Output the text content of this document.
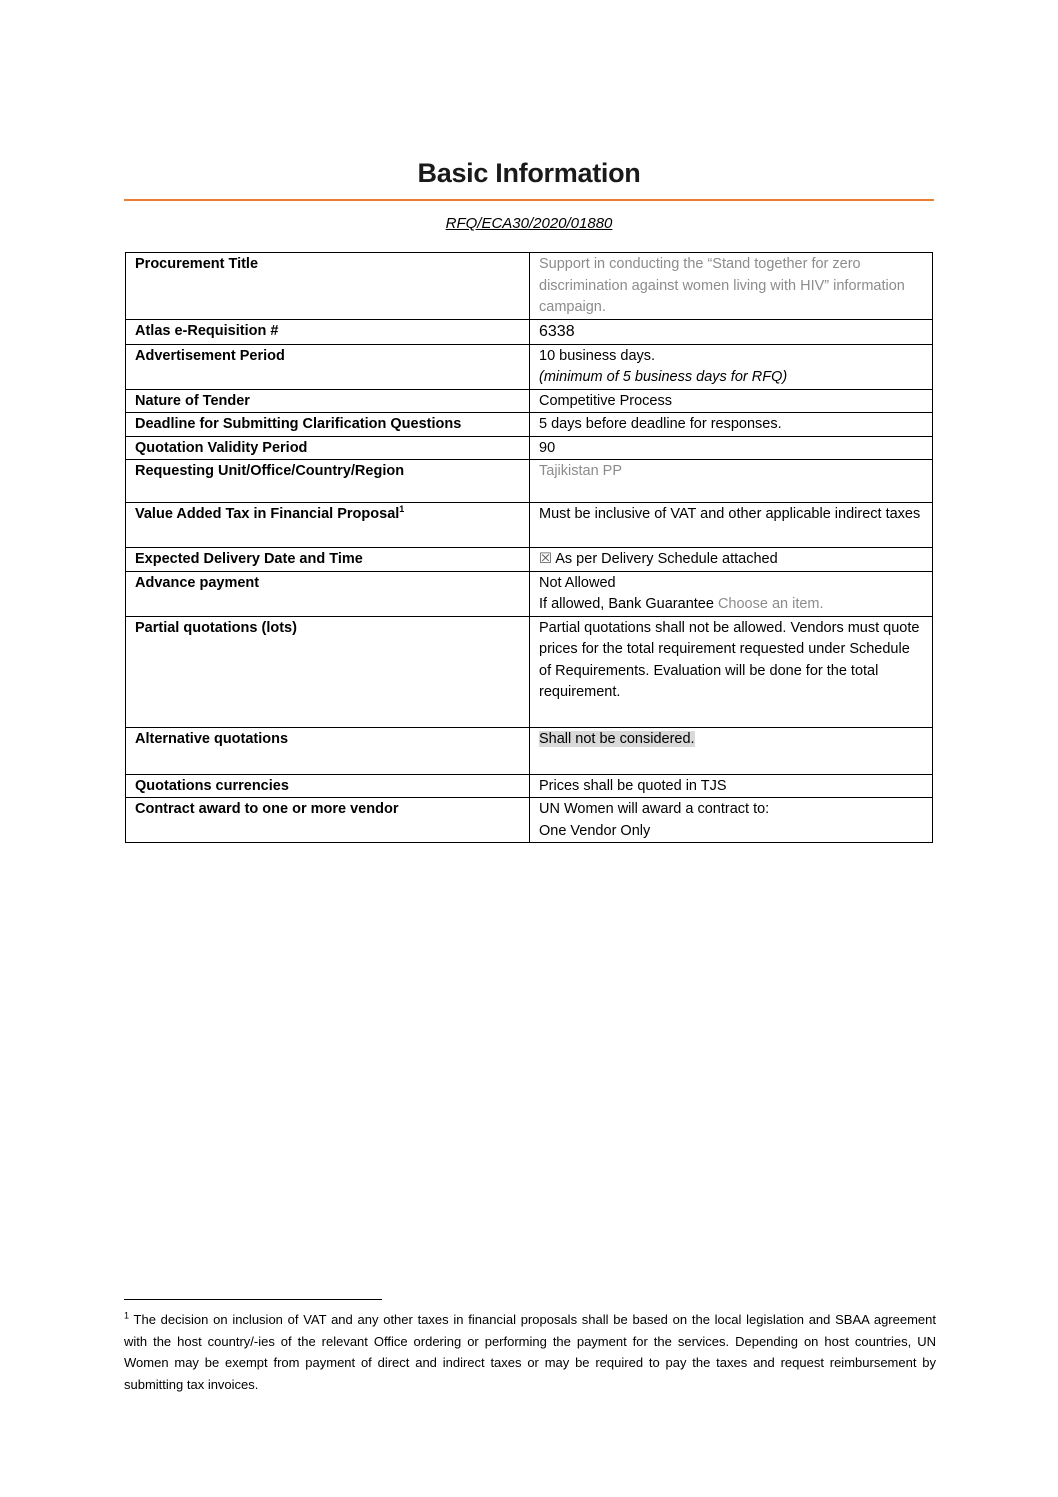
Basic Information
RFQ/ECA30/2020/01880
Procurement Title	Support in conducting the “Stand together for zero discrimination against women living with HIV” information campaign.
Atlas e-Requisition #	6338
Advertisement Period	10 business days.
(minimum of 5 business days for RFQ)

Nature of Tender	Competitive Process
Deadline for Submitting Clarification Questions	5 days before deadline for responses.
Quotation Validity Period	90
Requesting Unit/Office/Country/Region	Tajikistan PP
Value Added Tax in Financial Proposal$^1$	Must be inclusive of VAT and other applicable indirect taxes
Expected Delivery Date and Time	☒ As per Delivery Schedule attached
Advance payment	Not Allowed
If allowed, Bank Guarantee Choose an item.

Partial quotations (lots)	Partial quotations shall not be allowed. Vendors must quote prices for the total requirement requested under Schedule of Requirements. Evaluation will be done for the total requirement.
Alternative quotations	Shall not be considered.
Quotations currencies	Prices shall be quoted in TJS
Contract award to one or more vendor	UN Women will award a contract to:
One Vendor Only
$^1$ The decision on inclusion of VAT and any other taxes in financial proposals shall be based on the local legislation and SBAA agreement with the host country/-ies of the relevant Office ordering or performing the payment for the services. Depending on host countries, UN Women may be exempt from payment of direct and indirect taxes or may be required to pay the taxes and request reimbursement by submitting tax invoices.
